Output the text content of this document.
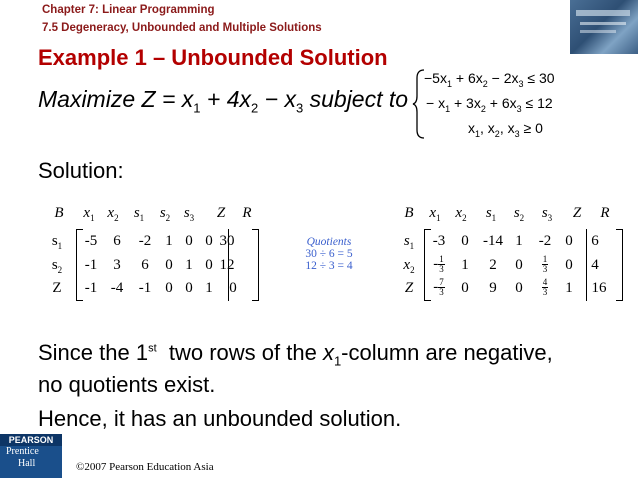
Chapter 7: Linear Programming
7.5 Degeneracy, Unbounded and Multiple Solutions
Example 1 – Unbounded Solution
Maximize $Z = x_1 + 4x_2 - x_3$ subject to
$-5x_1 + 6x_2 - 2x_3 \le 30$
− $x_1 + 3x_2 + 6x_3 \le 12$
$x_1$, $x_2$, $x_3 \ge 0$
Solution:
B	$x_1$ $x_2$	$s_1$	$s_2$ $s_3$	Z	R
$s_1$	-5	6	-2 1 0 0 30
$s_2$	-1	3	6	0 1 0 12
Z	-1 -4	-1 0 0 1	0
Quotients
30 ÷ 6 = 5
12 ÷ 3 = 4
B	$x_1$ $x_2$	$s_1$	$s_2$	$s_3$	Z	R
$s_1$	-3	0 -14 1	-2 0	6
$x_2$	- $\frac{1}{3}$	1	2	0	$\frac{1}{3}$	0	4
Z	- $\frac{7}{3}$	0	9	0	$\frac{4}{3}$	1	16
Since the 1st  two rows of the $x_1$-column are negative,
no quotients exist.
Hence, it has an unbounded solution.
PEARSON
Prentice
Hall	©2007 Pearson Education Asia
